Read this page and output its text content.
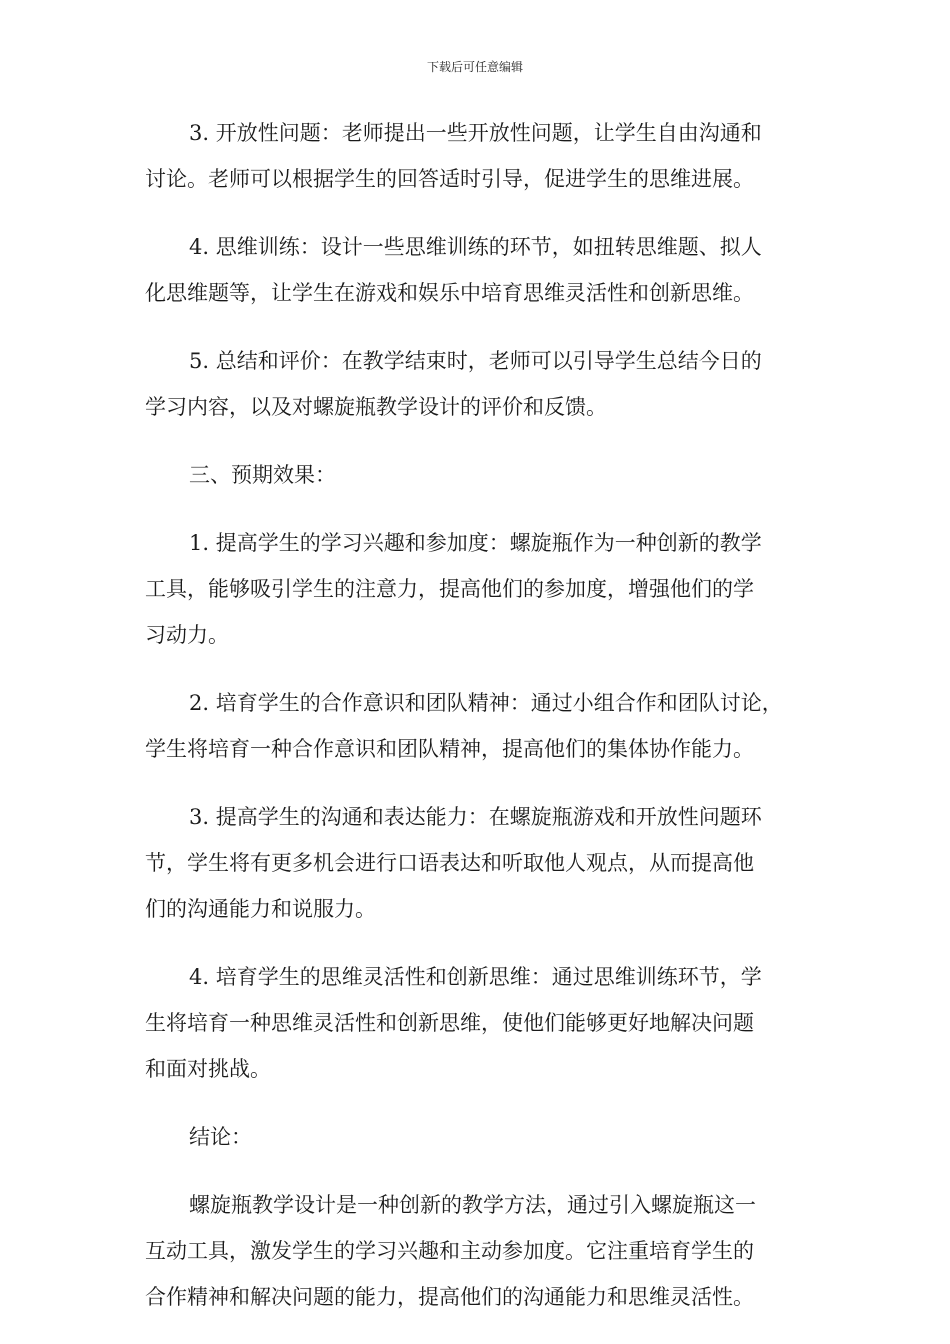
下载后可任意编辑

3. 开放性问题：老师提出一些开放性问题，让学生自由沟通和
讨论。老师可以根据学生的回答适时引导，促进学生的思维进展。

4. 思维训练：设计一些思维训练的环节，如扭转思维题、拟人
化思维题等，让学生在游戏和娱乐中培育思维灵活性和创新思维。

5. 总结和评价：在教学结束时，老师可以引导学生总结今日的
学习内容，以及对螺旋瓶教学设计的评价和反馈。

三、预期效果：

1. 提高学生的学习兴趣和参加度：螺旋瓶作为一种创新的教学
工具，能够吸引学生的注意力，提高他们的参加度，增强他们的学
习动力。

2. 培育学生的合作意识和团队精神：通过小组合作和团队讨论，
学生将培育一种合作意识和团队精神，提高他们的集体协作能力。

3. 提高学生的沟通和表达能力：在螺旋瓶游戏和开放性问题环
节，学生将有更多机会进行口语表达和听取他人观点，从而提高他
们的沟通能力和说服力。

4. 培育学生的思维灵活性和创新思维：通过思维训练环节，学
生将培育一种思维灵活性和创新思维，使他们能够更好地解决问题
和面对挑战。

结论：

螺旋瓶教学设计是一种创新的教学方法，通过引入螺旋瓶这一
互动工具，激发学生的学习兴趣和主动参加度。它注重培育学生的
合作精神和解决问题的能力，提高他们的沟通能力和思维灵活性。
